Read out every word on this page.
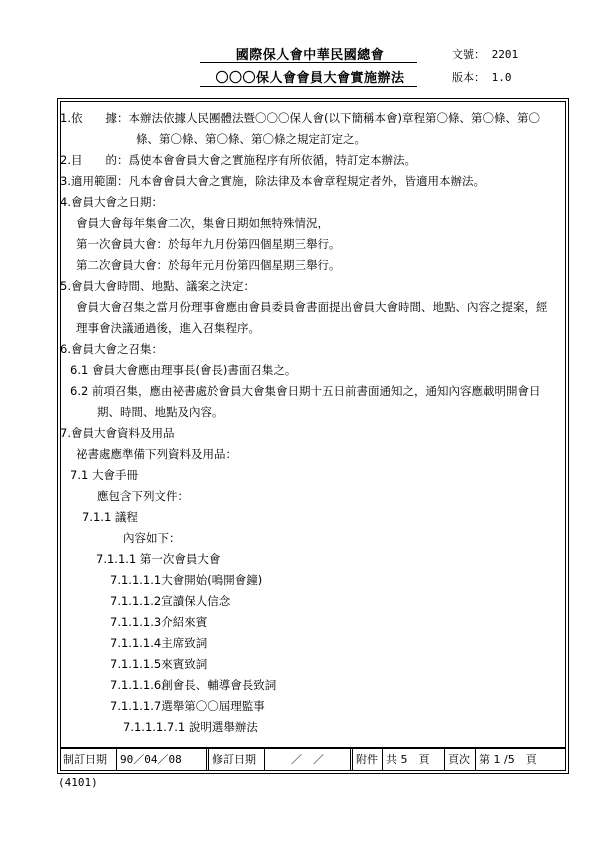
國際保人會中華民國總會
〇〇〇保人會會員大會實施辦法
文號： 2201
版本： 1.0
1.依　　據：本辦法依據人民團體法暨〇〇〇保人會(以下簡稱本會)章程第〇條、第〇條、第〇
條、第〇條、第〇條、第〇條之規定訂定之。
2.目　　的：爲使本會會員大會之實施程序有所依循，特訂定本辦法。
3.適用範圍：凡本會會員大會之實施，除法律及本會章程規定者外，皆適用本辦法。
4.會員大會之日期：
會員大會每年集會二次，集會日期如無特殊情況，
第一次會員大會：於每年九月份第四個星期三舉行。
第二次會員大會：於每年元月份第四個星期三舉行。
5.會員大會時間、地點、議案之決定：
會員大會召集之當月份理事會應由會員委員會書面提出會員大會時間、地點、內容之提案，經
理事會決議通過後，進入召集程序。
6.會員大會之召集：
6.1 會員大會應由理事長(會長)書面召集之。
6.2 前項召集，應由祕書處於會員大會集會日期十五日前書面通知之，通知內容應載明開會日
期、時間、地點及內容。
7.會員大會資料及用品
祕書處應準備下列資料及用品：
7.1 大會手冊
應包含下列文件：
7.1.1 議程
內容如下：
7.1.1.1 第一次會員大會
7.1.1.1.1大會開始(鳴開會鐘)
7.1.1.1.2宣讀保人信念
7.1.1.1.3介紹來賓
7.1.1.1.4主席致詞
7.1.1.1.5來賓致詞
7.1.1.1.6創會長、輔導會長致詞
7.1.1.1.7選舉第〇〇屆理監事
7.1.1.1.7.1 說明選舉辦法
制訂日期	90／04／08	修訂日期	／　／	附件 共 5　頁	頁次 第 1 /5　頁
(4101)
